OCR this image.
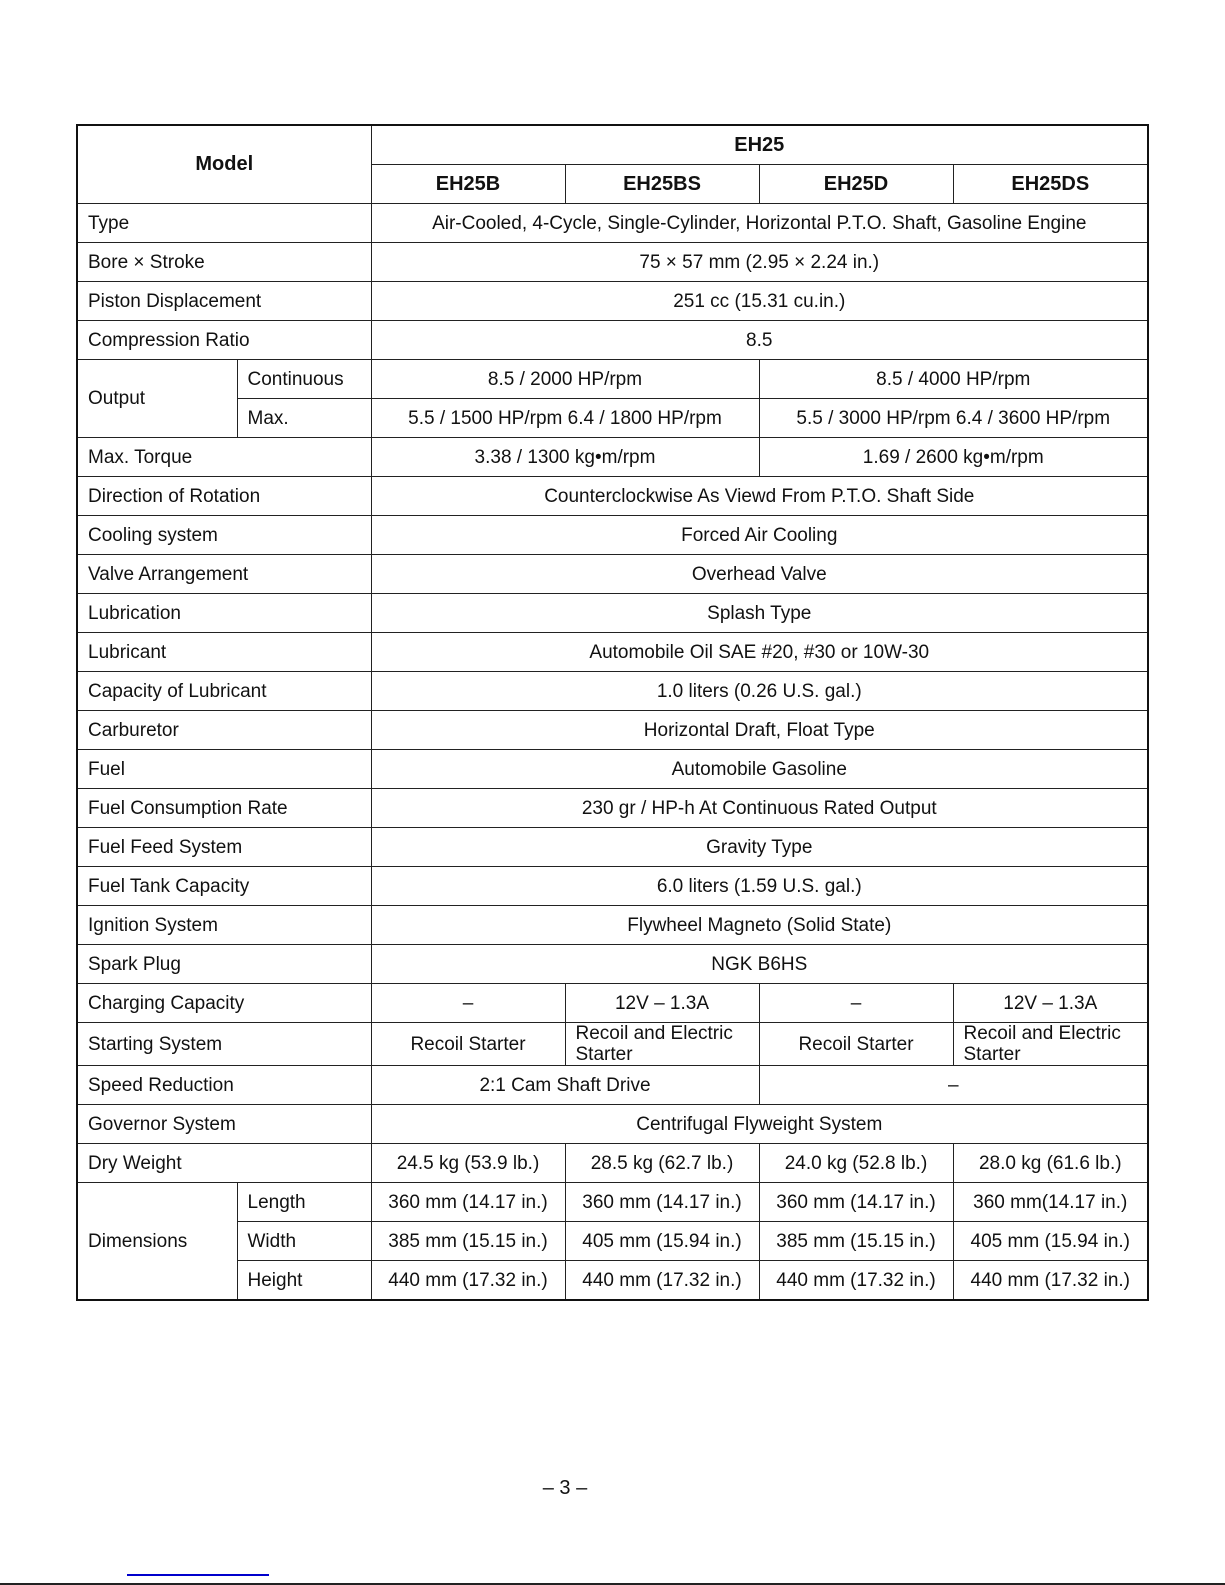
Model		EH25			
		EH25B	EH25BS	EH25D	EH25DS
Type		Air-Cooled, 4-Cycle, Single-Cylinder, Horizontal P.T.O. Shaft, Gasoline Engine			
Bore × Stroke		75 × 57 mm (2.95 × 2.24 in.)			
Piston Displacement		251 cc (15.31 cu.in.)			
Compression Ratio		8.5			
Output	Continuous	8.5 / 2000 HP/rpm		8.5 / 4000 HP/rpm	
	Max.	5.5 / 1500 HP/rpm 6.4 / 1800 HP/rpm		5.5 / 3000 HP/rpm 6.4 / 3600 HP/rpm	
Max. Torque		3.38 / 1300 kg•m/rpm		1.69 / 2600 kg•m/rpm	
Direction of Rotation		Counterclockwise As Viewd From P.T.O. Shaft Side			
Cooling system		Forced Air Cooling			
Valve Arrangement		Overhead Valve			
Lubrication		Splash Type			
Lubricant		Automobile Oil SAE #20, #30 or 10W-30			
Capacity of Lubricant		1.0 liters (0.26 U.S. gal.)			
Carburetor		Horizontal Draft, Float Type			
Fuel		Automobile Gasoline			
Fuel Consumption Rate		230 gr / HP-h At Continuous Rated Output			
Fuel Feed System		Gravity Type			
Fuel Tank Capacity		6.0 liters (1.59 U.S. gal.)			
Ignition System		Flywheel Magneto (Solid State)			
Spark Plug		NGK B6HS			
Charging Capacity		–	12V – 1.3A	–	12V – 1.3A
Starting System		Recoil Starter	Recoil and Electric Starter	Recoil Starter	Recoil and Electric Starter
Speed Reduction		2:1 Cam Shaft Drive		–	
Governor System		Centrifugal Flyweight System			
Dry Weight		24.5 kg (53.9 lb.)	28.5 kg (62.7 lb.)	24.0 kg (52.8 lb.)	28.0 kg (61.6 lb.)
Dimensions	Length	360 mm (14.17 in.)	360 mm (14.17 in.)	360 mm (14.17 in.)	360 mm(14.17 in.)
	Width	385 mm (15.15 in.)	405 mm (15.94 in.)	385 mm (15.15 in.)	405 mm (15.94 in.)
	Height	440 mm (17.32 in.)	440 mm (17.32 in.)	440 mm (17.32 in.)	440 mm (17.32 in.)
– 3 –
